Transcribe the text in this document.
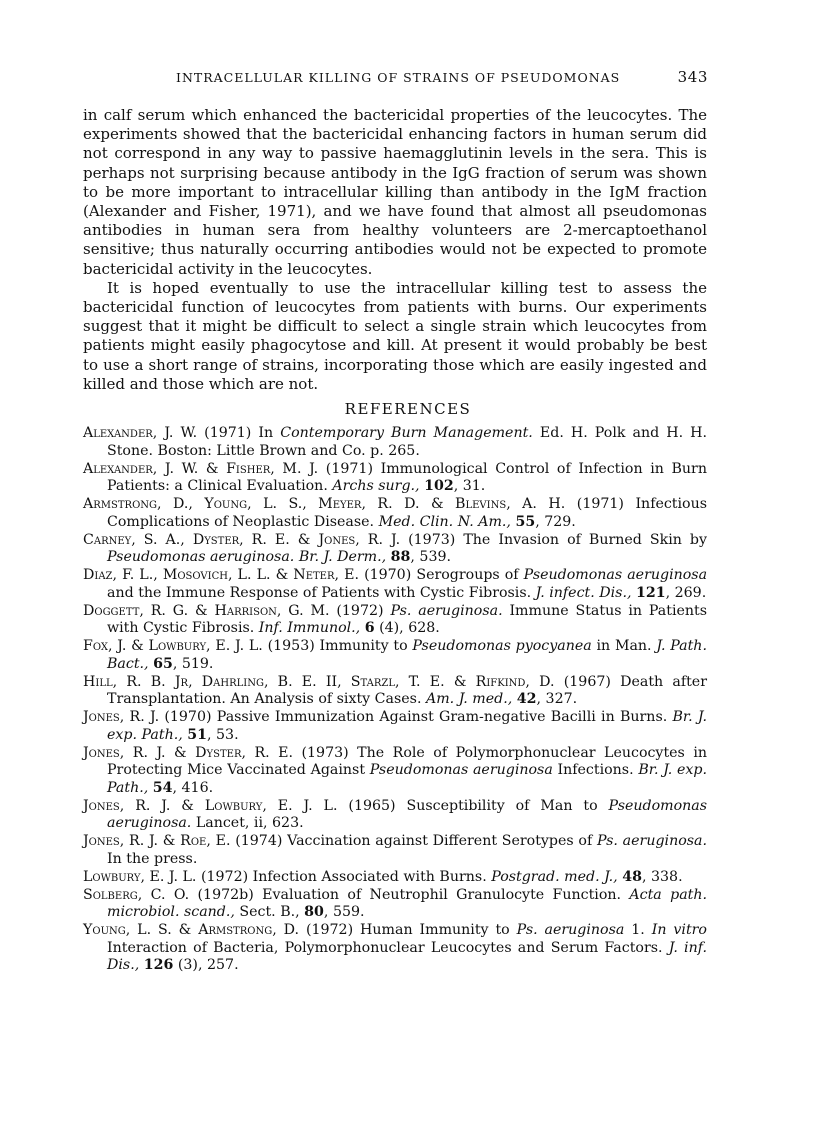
INTRACELLULAR KILLING OF STRAINS OF PSEUDOMONAS	343

in calf serum which enhanced the bactericidal properties of the leucocytes. The experiments showed that the bactericidal enhancing factors in human serum did not correspond in any way to passive haemagglutinin levels in the sera. This is perhaps not surprising because antibody in the IgG fraction of serum was shown to be more important to intracellular killing than antibody in the IgM fraction (Alexander and Fisher, 1971), and we have found that almost all pseudomonas antibodies in human sera from healthy volunteers are 2-mercaptoethanol sensitive; thus naturally occurring antibodies would not be expected to promote bactericidal activity in the leucocytes.

It is hoped eventually to use the intracellular killing test to assess the bactericidal function of leucocytes from patients with burns. Our experiments suggest that it might be difficult to select a single strain which leucocytes from patients might easily phagocytose and kill. At present it would probably be best to use a short range of strains, incorporating those which are easily ingested and killed and those which are not.

REFERENCES
Alexander, J. W. (1971) In Contemporary Burn Management. Ed. H. Polk and H. H. Stone. Boston: Little Brown and Co. p. 265.
Alexander, J. W. & Fisher, M. J. (1971) Immunological Control of Infection in Burn Patients: a Clinical Evaluation. Archs surg., 102, 31.
Armstrong, D., Young, L. S., Meyer, R. D. & Blevins, A. H. (1971) Infectious Complications of Neoplastic Disease. Med. Clin. N. Am., 55, 729.
Carney, S. A., Dyster, R. E. & Jones, R. J. (1973) The Invasion of Burned Skin by Pseudomonas aeruginosa. Br. J. Derm., 88, 539.
Diaz, F. L., Mosovich, L. L. & Neter, E. (1970) Serogroups of Pseudomonas aeruginosa and the Immune Response of Patients with Cystic Fibrosis. J. infect. Dis., 121, 269.
Doggett, R. G. & Harrison, G. M. (1972) Ps. aeruginosa. Immune Status in Patients with Cystic Fibrosis. Inf. Immunol., 6 (4), 628.
Fox, J. & Lowbury, E. J. L. (1953) Immunity to Pseudomonas pyocyanea in Man. J. Path. Bact., 65, 519.
Hill, R. B. Jr, Dahrling, B. E. II, Starzl, T. E. & Rifkind, D. (1967) Death after Transplantation. An Analysis of sixty Cases. Am. J. med., 42, 327.
Jones, R. J. (1970) Passive Immunization Against Gram-negative Bacilli in Burns. Br. J. exp. Path., 51, 53.
Jones, R. J. & Dyster, R. E. (1973) The Role of Polymorphonuclear Leucocytes in Protecting Mice Vaccinated Against Pseudomonas aeruginosa Infections. Br. J. exp. Path., 54, 416.
Jones, R. J. & Lowbury, E. J. L. (1965) Susceptibility of Man to Pseudomonas aeruginosa. Lancet, ii, 623.
Jones, R. J. & Roe, E. (1974) Vaccination against Different Serotypes of Ps. aeruginosa. In the press.
Lowbury, E. J. L. (1972) Infection Associated with Burns. Postgrad. med. J., 48, 338.
Solberg, C. O. (1972b) Evaluation of Neutrophil Granulocyte Function. Acta path. microbiol. scand., Sect. B., 80, 559.
Young, L. S. & Armstrong, D. (1972) Human Immunity to Ps. aeruginosa 1. In vitro Interaction of Bacteria, Polymorphonuclear Leucocytes and Serum Factors. J. inf. Dis., 126 (3), 257.
